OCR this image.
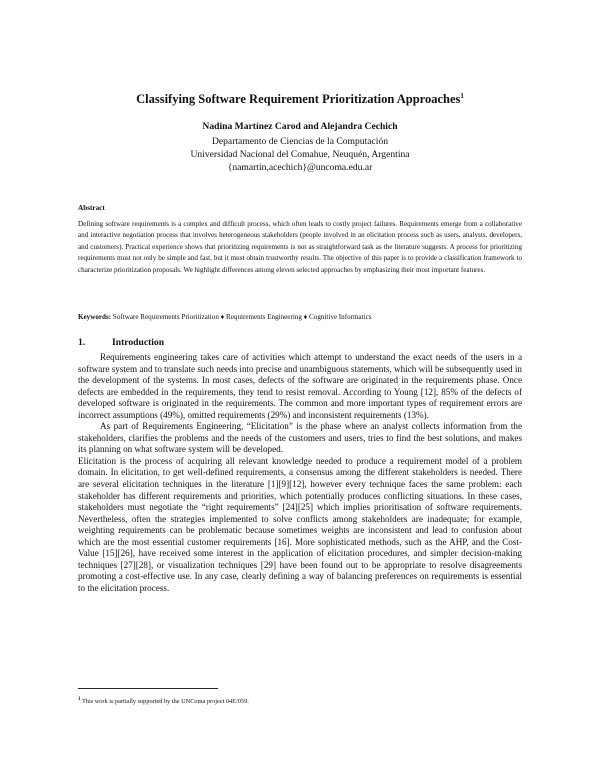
Classifying Software Requirement Prioritization Approaches$^1$
Nadina Martínez Carod and Alejandra Cechich
Departamento de Ciencias de la Computación
Universidad Nacional del Comahue, Neuquén, Argentina
{namartin,acechich}@uncoma.edu.ar
Abstract
Defining software requirements is a complex and difficult process, which often leads to costly project failures. Requirements emerge from a collaborative and interactive negotiation process that involves heterogeneous stakeholders (people involved in an elicitation process such as users, analysts, developers, and customers). Practical experience shows that prioritizing requirements is not as straightforward task as the literature suggests. A process for prioritizing requirements must not only be simple and fast, but it must obtain trustworthy results. The objective of this paper is to provide a classification framework to characterize prioritization proposals. We highlight differences among eleven selected approaches by emphasizing their most important features.
Keywords: Software Requirements Prioritization ♦ Requirements Engineering ♦ Cognitive Informatics
1.	Introduction

Requirements engineering takes care of activities which attempt to understand the exact needs of the users in a software system and to translate such needs into precise and unambiguous statements, which will be subsequently used in the development of the systems. In most cases, defects of the software are originated in the requirements phase. Once defects are embedded in the requirements, they tend to resist removal. According to Young [12], 85% of the defects of developed software is originated in the requirements. The common and more important types of requirement errors are incorrect assumptions (49%), omitted requirements (29%) and inconsistent requirements (13%).

As part of Requirements Engineering, “Elicitation” is the phase where an analyst collects information from the stakeholders, clarifies the problems and the needs of the customers and users, tries to find the best solutions, and makes its planning on what software system will be developed.

Elicitation is the process of acquiring all relevant knowledge needed to produce a requirement model of a problem domain. In elicitation, to get well-defined requirements, a consensus among the different stakeholders is needed. There are several elicitation techniques in the literature [1][9][12], however every technique faces the same problem: each stakeholder has different requirements and priorities, which potentially produces conflicting situations. In these cases, stakeholders must negotiate the “right requirements” [24][25] which implies prioritisation of software requirements. Nevertheless, often the strategies implemented to solve conflicts among stakeholders are inadequate; for example, weighting requirements can be problematic because sometimes weights are inconsistent and lead to confusion about which are the most essential customer requirements [16]. More sophisticated methods, such as the AHP, and the Cost-Value [15][26], have received some interest in the application of elicitation procedures, and simpler decision-making techniques [27][28], or visualization techniques [29] have been found out to be appropriate to resolve disagreements promoting a cost-effective use. In any case, clearly defining a way of balancing preferences on requirements is essential to the elicitation process.

$^1$ This work is partially supported by the UNComa project 04E/059.
